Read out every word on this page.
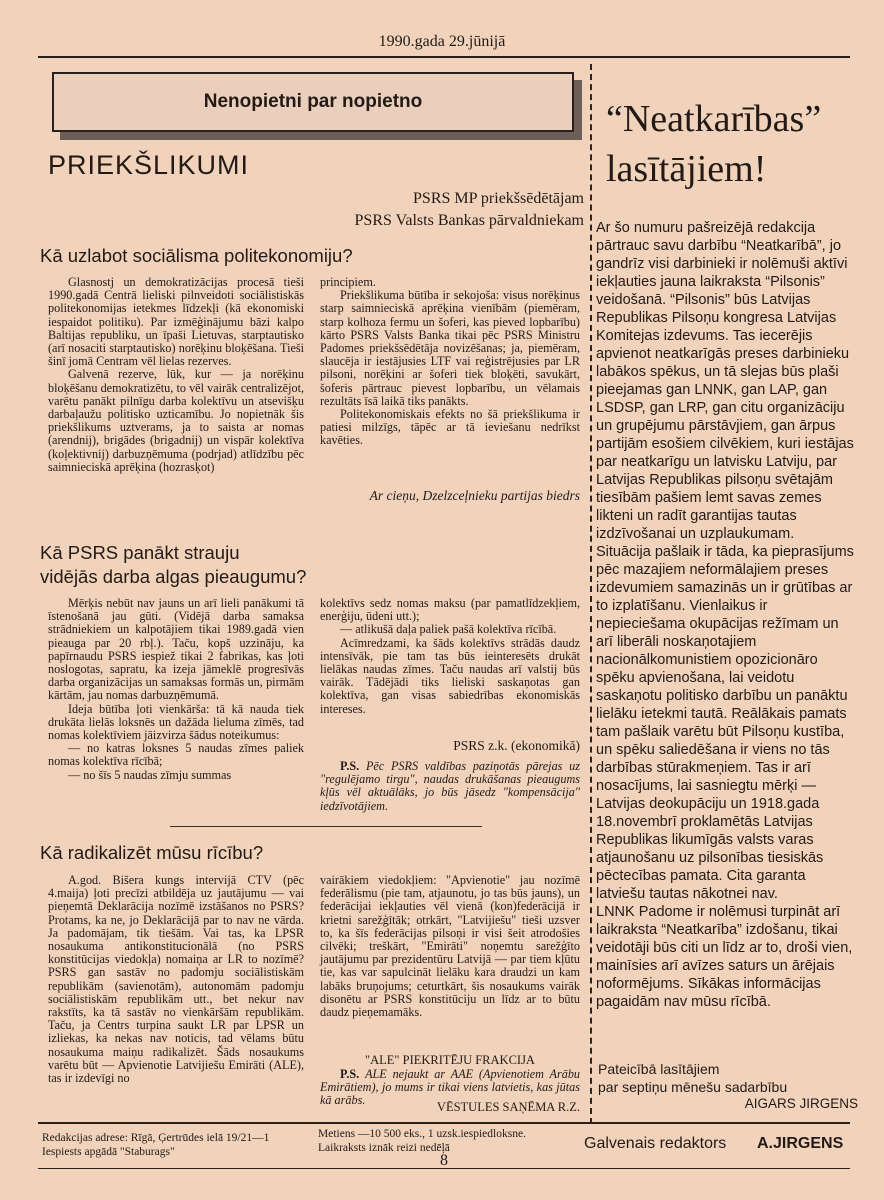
1990.gada 29.jūnijā
Nenopietni par nopietno
PRIEKŠLIKUMI
PSRS MP priekšsēdētājam
PSRS Valsts Bankas pārvaldniekam
Kā uzlabot sociālisma politekonomiju?

Glasnostj un demokratizācijas procesā tieši 1990.gadā Centrā lieliski pilnveidoti sociālistiskās politekonomijas ietekmes līdzekļi (kā ekonomiski iespaidot politiku). Par izmēģinājumu bāzi kalpo Baltijas republiku, un īpaši Lietuvas, starptautisko (arī nosaciti starptautisko) norēķinu bloķēšana. Tieši šinī jomā Centram vēl lielas rezerves.

Galvenā rezerve, lūk, kur — ja norēķinu bloķēšanu demokratizētu, to vēl vairāk centralizējot, varētu panākt pilnīgu darba kolektīvu un atsevišķu darbaļaužu politisko uzticamību. Jo nopietnāk šis priekšlikums uztverams, ja to saista ar nomas (arendnij), brigādes (brigadnij) un vispār kolektīva (koļektivnij) darbuzņēmuma (podrjad) atlīdzību pēc saimnieciskā aprēķina (hozrasķot)

principiem.

Priekšlikuma būtība ir sekojoša: visus norēķinus starp saimnieciskā aprēķina vienībām (piemēram, starp kolhoza fermu un šoferi, kas pieved lopbarību) kārto PSRS Valsts Banka tikai pēc PSRS Ministru Padomes priekšsēdētāja novizēšanas; ja, piemēram, slaucēja ir iestājusies LTF vai reģistrējusies par LR pilsoni, norēķini ar šoferi tiek bloķēti, savukārt, šoferis pārtrauc pievest lopbarību, un vēlamais rezultāts īsā laikā tiks panākts.

Politekonomiskais efekts no šā priekšlikuma ir patiesi milzīgs, tāpēc ar tā ieviešanu nedrīkst kavēties.

Ar cieņu, Dzelzceļnieku partijas biedrs
Kā PSRS panākt strauju
vidējās darba algas pieaugumu?

Mērķis nebūt nav jauns un arī lieli panākumi tā īstenošanā jau gūti. (Vidējā darba samaksa strādniekiem un kalpotājiem tikai 1989.gadā vien pieauga par 20 rbļ.). Taču, kopš uzzināju, ka papīrnaudu PSRS iespiež tikai 2 fabrikas, kas ļoti noslogotas, sapratu, ka izeja jāmeklē progresīvās darba organizācijas un samaksas formās un, pirmām kārtām, jau nomas darbuzņēmumā.

Ideja būtība ļoti vienkārša: tā kā nauda tiek drukāta lielās loksnēs un dažāda lieluma zīmēs, tad nomas kolektīviem jāizvirza šādus noteikumus:

— no katras loksnes 5 naudas zīmes paliek nomas kolektīva rīcībā;

— no šīs 5 naudas zīmju summas

kolektīvs sedz nomas maksu (par pamatlīdzekļiem, enerģiju, ūdeni utt.);

— atlikušā daļa paliek pašā kolektīva rīcībā.

Acīmredzami, ka šāds kolektīvs strādās daudz intensīvāk, pie tam tas būs ieinteresēts drukāt lielākas naudas zīmes. Taču naudas arī valstij būs vairāk. Tādējādi tiks lieliski saskaņotas gan kolektīva, gan visas sabiedrības ekonomiskās intereses.

PSRS z.k. (ekonomikā)

P.S. Pēc PSRS valdības paziņotās pārejas uz "regulējamo tirgu", naudas drukāšanas pieaugums kļūs vēl aktuālāks, jo būs jāsedz "kompensācija" iedzīvotājiem.

Kā radikalizēt mūsu rīcību?

A.god. Bišera kungs intervijā CTV (pēc 4.maija) ļoti precīzi atbildēja uz jautājumu — vai pieņemtā Deklarācija nozīmē izstāšanos no PSRS? Protams, ka ne, jo Deklarācijā par to nav ne vārda. Ja padomājam, tik tiešām. Vai tas, ka LPSR nosaukuma antikonstitucionālā (no PSRS konstitūcijas viedokļa) nomaiņa ar LR to nozīmē? PSRS gan sastāv no padomju sociālistiskām republikām (savienotām), autonomām padomju sociālistiskām republikām utt., bet nekur nav rakstīts, ka tā sastāv no vienkāršām republikām. Taču, ja Centrs turpina saukt LR par LPSR un izliekas, ka nekas nav noticis, tad vēlams būtu nosaukuma maiņu radikalizēt. Šāds nosaukums varētu būt — Apvienotie Latvijiešu Emirāti (ALE), tas ir izdevīgi no

vairākiem viedokļiem: "Apvienotie" jau nozīmē federālismu (pie tam, atjaunotu, jo tas būs jauns), un federācijai iekļauties vēl vienā (kon)federācijā ir krietni sarežģītāk; otrkārt, "Latvijiešu" tieši uzsver to, ka šīs federācijas pilsoņi ir visi šeit atrodošies cilvēki; treškārt, "Emirāti" noņemtu sarežģīto jautājumu par prezidentūru Latvijā — par tiem kļūtu tie, kas var sapulcināt lielāku kara draudzi un kam labāks bruņojums; ceturtkārt, šis nosaukums vairāk disonētu ar PSRS konstitūciju un līdz ar to būtu daudz pieņemamāks.

"ALE" PIEKRITĒJU FRAKCIJA

P.S. ALE nejaukt ar AAE (Apvienotiem Arābu Emirātiem), jo mums ir tikai viens latvietis, kas jūtas kā arābs.	VĒSTULES SAŅĒMA R.Z.
“Neatkarības”
lasītājiem!

Ar šo numuru pašreizējā redakcija pārtrauc savu darbību “Neatkarībā”, jo gandrīz visi darbinieki ir nolēmuši aktīvi iekļauties jauna laikraksta “Pilsonis” veidošanā. “Pilsonis” būs Latvijas Republikas Pilsoņu kongresa Latvijas Komitejas izdevums. Tas iecerējis apvienot neatkarīgās preses darbinieku labākos spēkus, un tā slejas būs plaši pieejamas gan LNNK, gan LAP, gan LSDSP, gan LRP, gan citu organizāciju un grupējumu pārstāvjiem, gan ārpus partijām esošiem cilvēkiem, kuri iestājas par neatkarīgu un latvisku Latviju, par Latvijas Republikas pilsoņu svētajām tiesībām pašiem lemt savas zemes likteni un radīt garantijas tautas izdzīvošanai un uzplaukumam.

Situācija pašlaik ir tāda, ka pieprasījums pēc mazajiem neformālajiem preses izdevumiem samazinās un ir grūtības ar to izplatīšanu. Vienlaikus ir nepieciešama okupācijas režīmam un arī liberāli noskaņotajiem nacionālkomunistiem opozicionāro spēku apvienošana, lai veidotu saskaņotu politisko darbību un panāktu lielāku ietekmi tautā. Reālākais pamats tam pašlaik varētu būt Pilsoņu kustība, un spēku saliedēšana ir viens no tās darbības stūrakmeņiem. Tas ir arī nosacījums, lai sasniegtu mērķi — Latvijas deokupāciju un 1918.gada 18.novembrī proklamētās Latvijas Republikas likumīgās valsts varas atjaunošanu uz pilsonības tiesiskās pēctecības pamata. Cita garanta latviešu tautas nākotnei nav.

LNNK Padome ir nolēmusi turpināt arī laikraksta “Neatkarība” izdošanu, tikai veidotāji būs citi un līdz ar to, droši vien, mainīsies arī avīzes saturs un ārējais noformējums. Sīkākas informācijas pagaidām nav mūsu rīcībā.

Pateicībā lasītājiem
par septiņu mēnešu sadarbību
AIGARS JIRGENS
Redakcijas adrese: Rīgā, Ģertrūdes ielā 19/21—1
Iespiests apgādā "Staburags"
Metiens —10 500 eks., 1 uzsk.iespiedloksne.
Laikraksts iznāk reizi nedēļā
8
Galvenais redaktors A.JIRGENS
